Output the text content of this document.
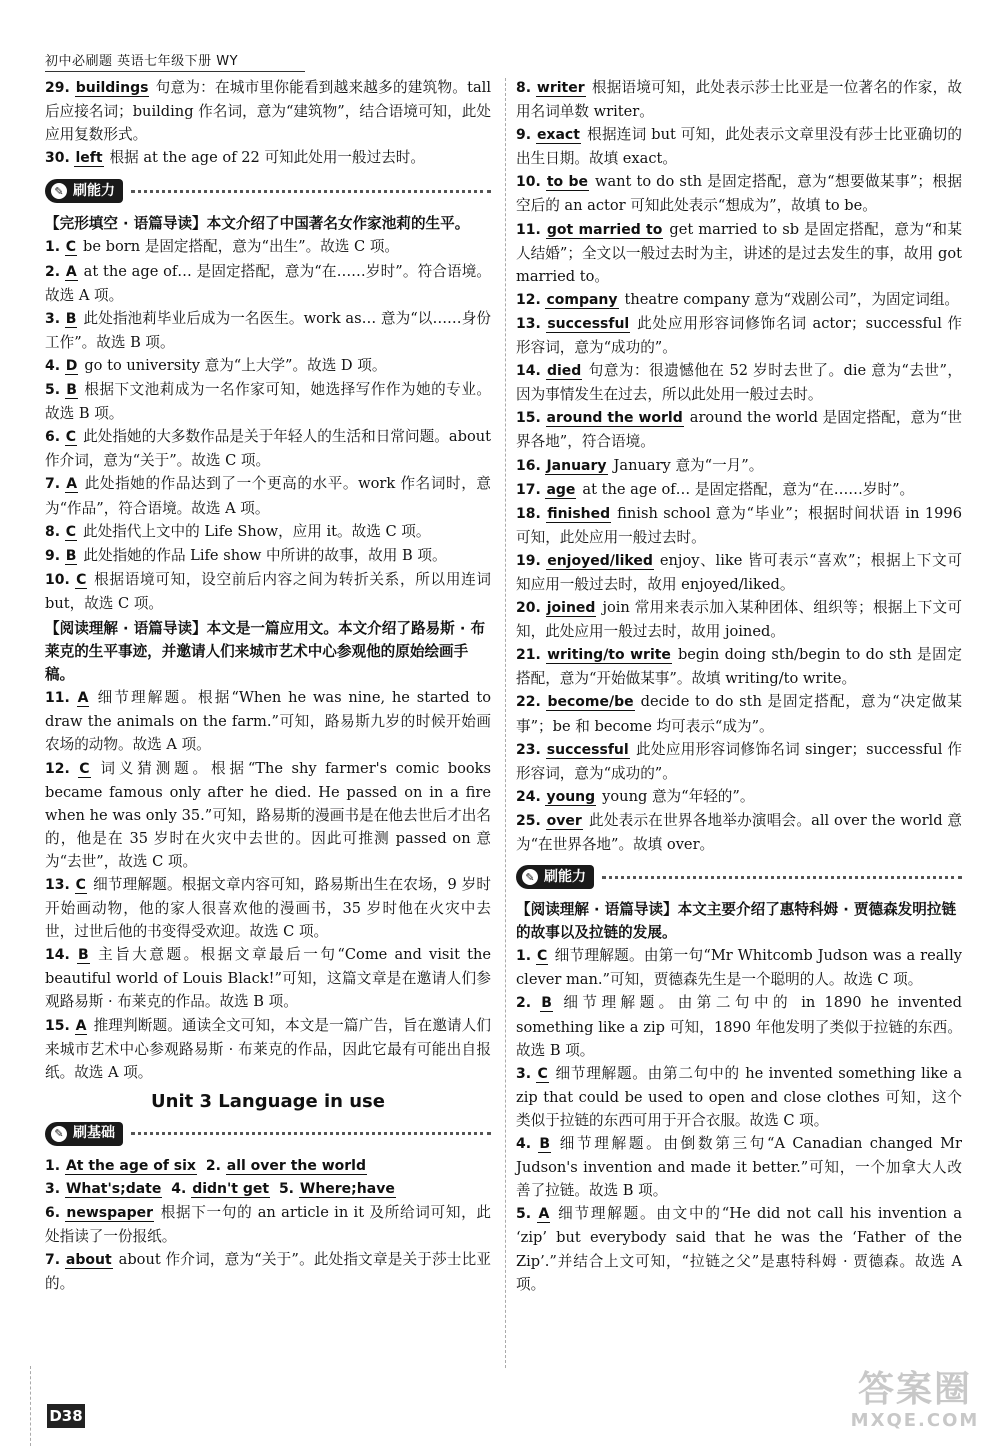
初中必刷题 英语七年级下册 WY
29. buildings 句意为：在城市里你能看到越来越多的建筑物。tall 后应接名词；building 作名词，意为“建筑物”，结合语境可知，此处应用复数形式。
30. left 根据 at the age of 22 可知此处用一般过去时。
✎ 刷能力
【完形填空 · 语篇导读】本文介绍了中国著名女作家池莉的生平。
1. C be born 是固定搭配，意为“出生”。故选 C 项。
2. A at the age of… 是固定搭配，意为“在……岁时”。符合语境。故选 A 项。
3. B 此处指池莉毕业后成为一名医生。work as… 意为“以……身份工作”。故选 B 项。
4. D go to university 意为“上大学”。故选 D 项。
5. B 根据下文池莉成为一名作家可知，她选择写作作为她的专业。故选 B 项。
6. C 此处指她的大多数作品是关于年轻人的生活和日常问题。about 作介词，意为“关于”。故选 C 项。
7. A 此处指她的作品达到了一个更高的水平。work 作名词时，意为“作品”，符合语境。故选 A 项。
8. C 此处指代上文中的 Life Show，应用 it。故选 C 项。
9. B 此处指她的作品 Life show 中所讲的故事，故用 B 项。
10. C 根据语境可知，设空前后内容之间为转折关系，所以用连词 but，故选 C 项。
【阅读理解 · 语篇导读】本文是一篇应用文。本文介绍了路易斯 · 布莱克的生平事迹，并邀请人们来城市艺术中心参观他的原始绘画手稿。
11. A 细节理解题。根据“When he was nine, he started to draw the animals on the farm.”可知，路易斯九岁的时候开始画农场的动物。故选 A 项。
12. C 词义猜测题。根据“The shy farmer's comic books became famous only after he died. He passed on in a fire when he was only 35.”可知，路易斯的漫画书是在他去世后才出名的，他是在 35 岁时在火灾中去世的。因此可推测 passed on 意为“去世”，故选 C 项。
13. C 细节理解题。根据文章内容可知，路易斯出生在农场，9 岁时开始画动物，他的家人很喜欢他的漫画书，35 岁时他在火灾中去世，过世后他的书变得受欢迎。故选 C 项。
14. B 主旨大意题。根据文章最后一句“Come and visit the beautiful world of Louis Black!”可知，这篇文章是在邀请人们参观路易斯 · 布莱克的作品。故选 B 项。
15. A 推理判断题。通读全文可知，本文是一篇广告，旨在邀请人们来城市艺术中心参观路易斯 · 布莱克的作品，因此它最有可能出自报纸。故选 A 项。
Unit 3 Language in use
✎ 刷基础
1. At the age of six 2. all over the world
3. What's;date 4. didn't get 5. Where;have
6. newspaper 根据下一句的 an article in it 及所给词可知，此处指读了一份报纸。
7. about about 作介词，意为“关于”。此处指文章是关于莎士比亚的。
8. writer 根据语境可知，此处表示莎士比亚是一位著名的作家，故用名词单数 writer。
9. exact 根据连词 but 可知，此处表示文章里没有莎士比亚确切的出生日期。故填 exact。
10. to be want to do sth 是固定搭配，意为“想要做某事”；根据空后的 an actor 可知此处表示“想成为”，故填 to be。
11. got married to get married to sb 是固定搭配，意为“和某人结婚”；全文以一般过去时为主，讲述的是过去发生的事，故用 got married to。
12. company theatre company 意为“戏剧公司”，为固定词组。
13. successful 此处应用形容词修饰名词 actor；successful 作形容词，意为“成功的”。
14. died 句意为：很遗憾他在 52 岁时去世了。die 意为“去世”，因为事情发生在过去，所以此处用一般过去时。
15. around the world around the world 是固定搭配，意为“世界各地”，符合语境。
16. January January 意为“一月”。
17. age at the age of… 是固定搭配，意为“在……岁时”。
18. finished finish school 意为“毕业”；根据时间状语 in 1996 可知，此处应用一般过去时。
19. enjoyed/liked enjoy、like 皆可表示“喜欢”；根据上下文可知应用一般过去时，故用 enjoyed/liked。
20. joined join 常用来表示加入某种团体、组织等；根据上下文可知，此处应用一般过去时，故用 joined。
21. writing/to write begin doing sth/begin to do sth 是固定搭配，意为“开始做某事”。故填 writing/to write。
22. become/be decide to do sth 是固定搭配，意为“决定做某事”；be 和 become 均可表示“成为”。
23. successful 此处应用形容词修饰名词 singer；successful 作形容词，意为“成功的”。
24. young young 意为“年轻的”。
25. over 此处表示在世界各地举办演唱会。all over the world 意为“在世界各地”。故填 over。
✎ 刷能力
【阅读理解 · 语篇导读】本文主要介绍了惠特科姆 · 贾德森发明拉链的故事以及拉链的发展。
1. C 细节理解题。由第一句“Mr Whitcomb Judson was a really clever man.”可知，贾德森先生是一个聪明的人。故选 C 项。
2. B 细节理解题。由第二句中的 in 1890 he invented something like a zip 可知，1890 年他发明了类似于拉链的东西。故选 B 项。
3. C 细节理解题。由第二句中的 he invented something like a zip that could be used to open and close clothes 可知，这个类似于拉链的东西可用于开合衣服。故选 C 项。
4. B 细节理解题。由倒数第三句“A Canadian changed Mr Judson's invention and made it better.”可知，一个加拿大人改善了拉链。故选 B 项。
5. A 细节理解题。由文中的“He did not call his invention a ‘zip’ but everybody said that he was the ‘Father of the Zip’.”并结合上文可知，“拉链之父”是惠特科姆 · 贾德森。故选 A 项。
D38
答案圈
MXQE.COM
